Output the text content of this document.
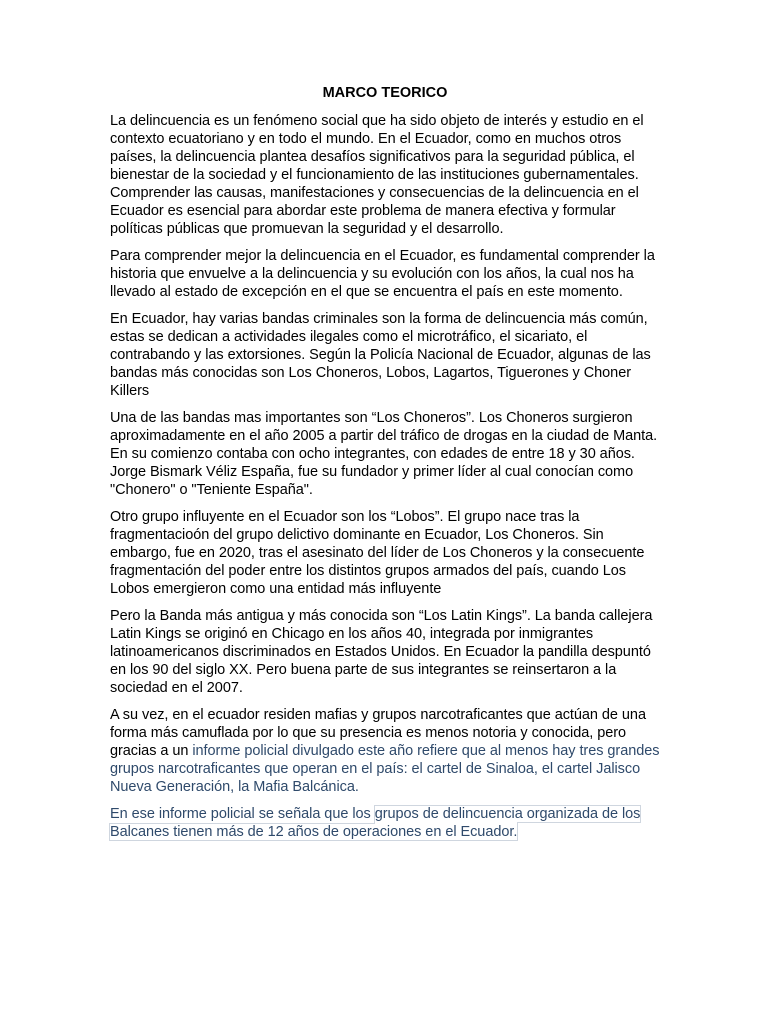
MARCO TEORICO

La delincuencia es un fenómeno social que ha sido objeto de interés y estudio en el contexto ecuatoriano y en todo el mundo. En el Ecuador, como en muchos otros países, la delincuencia plantea desafíos significativos para la seguridad pública, el bienestar de la sociedad y el funcionamiento de las instituciones gubernamentales. Comprender las causas, manifestaciones y consecuencias de la delincuencia en el Ecuador es esencial para abordar este problema de manera efectiva y formular políticas públicas que promuevan la seguridad y el desarrollo.

Para comprender mejor la delincuencia en el Ecuador, es fundamental comprender la historia que envuelve a la delincuencia y su evolución con los años, la cual nos ha llevado al estado de excepción en el que se encuentra el país en este momento.

En Ecuador, hay varias bandas criminales son la forma de delincuencia más común, estas se dedican a actividades ilegales como el microtráfico, el sicariato, el contrabando y las extorsiones. Según la Policía Nacional de Ecuador, algunas de las bandas más conocidas son Los Choneros, Lobos, Lagartos, Tiguerones y Choner Killers

Una de las bandas mas importantes son “Los Choneros”. Los Choneros surgieron aproximadamente en el año 2005 a partir del tráfico de drogas en la ciudad de Manta. En su comienzo contaba con ocho integrantes, con edades de entre 18 y 30 años. Jorge Bismark Véliz España, fue su fundador y primer líder al cual conocían como "Chonero" o "Teniente España".

Otro grupo influyente en el Ecuador son los “Lobos”. El grupo nace tras la fragmentacioón del grupo delictivo dominante en Ecuador, Los Choneros. Sin embargo, fue en 2020, tras el asesinato del líder de Los Choneros y la consecuente fragmentación del poder entre los distintos grupos armados del país, cuando Los Lobos emergieron como una entidad más influyente

Pero la Banda más antigua y más conocida son “Los Latin Kings”. La banda callejera Latin Kings se originó en Chicago en los años 40, integrada por inmigrantes latinoamericanos discriminados en Estados Unidos. En Ecuador la pandilla despuntó en los 90 del siglo XX. Pero buena parte de sus integrantes se reinsertaron a la sociedad en el 2007.

A su vez, en el ecuador residen mafias y grupos narcotraficantes que actúan de una forma más camuflada por lo que su presencia es menos notoria y conocida, pero gracias a un informe policial divulgado este año refiere que al menos hay tres grandes grupos narcotraficantes que operan en el país: el cartel de Sinaloa, el cartel Jalisco Nueva Generación, la Mafia Balcánica.

En ese informe policial se señala que los grupos de delincuencia organizada de los Balcanes tienen más de 12 años de operaciones en el Ecuador.
